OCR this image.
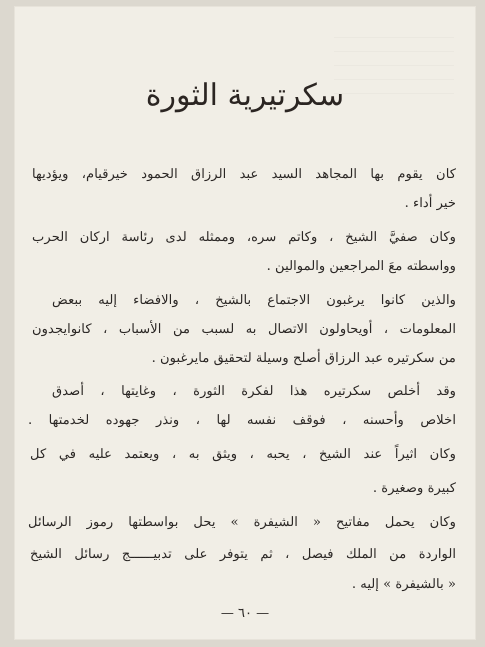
سكرتيرية الثورة
كان يقوم بها المجاهد السيد عبد الرزاق الحمود خيرقيام، ويؤديها
خير أداء .
وكان صفيَّ الشيخ ، وكاتم سره، وممثله لدى رئاسة اركان الحرب
وواسطته معَ المراجعين والموالين .
والذين كانوا يرغبون الاجتماع بالشيخ ، والافضاء إليه ببعض
المعلومات ، أويحاولون الاتصال به لسبب من الأسباب ، كانوايجدون
من سكرتيره عبد الرزاق أصلح وسيلة لتحقيق مايرغبون .
وقد أخلص سكرتيره هذا لفكرة الثورة ، وغايتها ، أصدق
اخلاص وأحسنه ، فوقف نفسه لها ، ونذر جهوده لخدمتها .
وكان اثيراً عند الشيخ ، يحبه ، ويثق به ، ويعتمد عليه في كل
كبيرة وصغيرة .
وكان يحمل مفاتيح « الشيفرة » يحل بواسطتها رموز الرسائل
الواردة من الملك فيصل ، ثم يتوفر على تدبيــــــج رسائل الشيخ
« بالشيفرة » إليه .
— ٦٠ —
